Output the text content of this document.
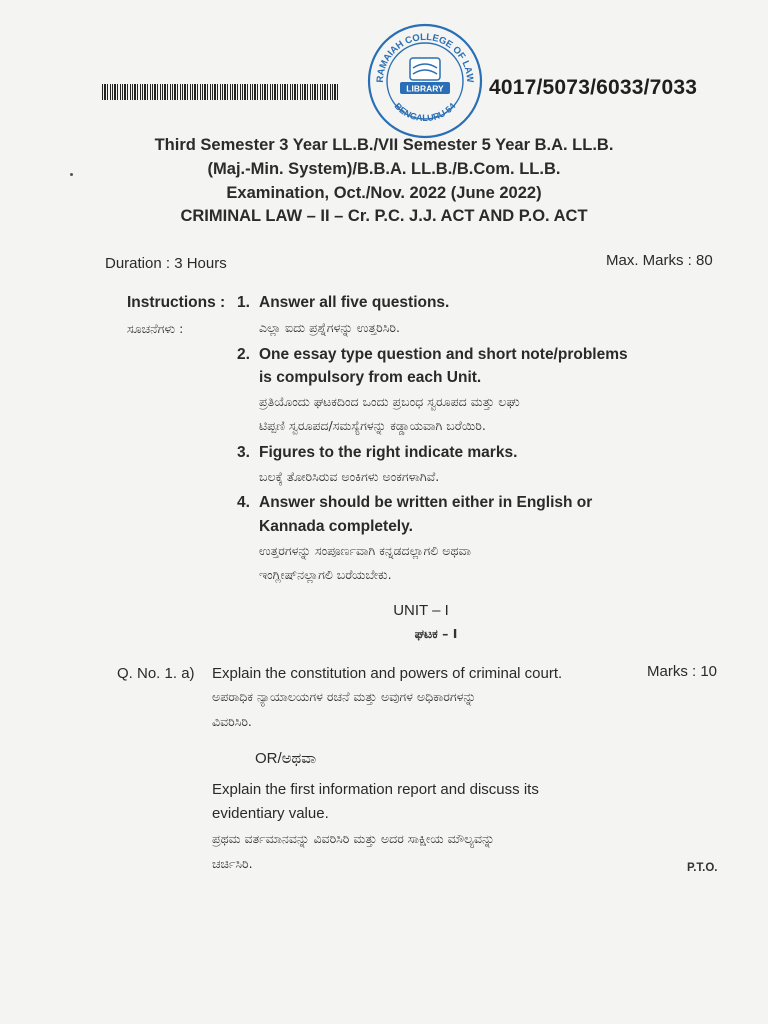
RAMAIAH COLLEGE OF LAW
BENGALURU-54
LIBRARY 4017/5073/6033/7033
Third Semester 3 Year LL.B./VII Semester 5 Year B.A. LL.B.
(Maj.-Min. System)/B.B.A. LL.B./B.Com. LL.B.
Examination, Oct./Nov. 2022 (June 2022)
CRIMINAL LAW – II – Cr. P.C. J.J. ACT AND P.O. ACT
Duration : 3 Hours	Max. Marks : 80
Instructions :
ಸೂಚನೆಗಳು :
1. Answer all five questions.
ಎಲ್ಲಾ ಐದು ಪ್ರಶ್ನೆಗಳನ್ನು ಉತ್ತರಿಸಿರಿ.
2. One essay type question and short note/problems
is compulsory from each Unit.
ಪ್ರತಿಯೊಂದು ಘಟಕದಿಂದ ಒಂದು ಪ್ರಬಂಧ ಸ್ವರೂಪದ ಮತ್ತು ಲಘು
ಟಿಪ್ಪಣಿ ಸ್ವರೂಪದ/ಸಮಸ್ಯೆಗಳನ್ನು ಕಡ್ಡಾಯವಾಗಿ ಬರೆಯಿರಿ.
3. Figures to the right indicate marks.
ಬಲಕ್ಕೆ ತೋರಿಸಿರುವ ಅಂಕಿಗಳು ಅಂಕಗಳಾಗಿವೆ.
4. Answer should be written either in English or
Kannada completely.
ಉತ್ತರಗಳನ್ನು ಸಂಪೂರ್ಣವಾಗಿ ಕನ್ನಡದಲ್ಲಾಗಲಿ ಅಥವಾ
ಇಂಗ್ಲೀಷ್‌ನಲ್ಲಾಗಲಿ ಬರೆಯಬೇಕು.
UNIT – I
ಘಟಕ – I
Q. No. 1. a) Explain the constitution and powers of criminal court.	Marks : 10
ಅಪರಾಧಿಕ ನ್ಯಾಯಾಲಯಗಳ ರಚನೆ ಮತ್ತು ಅವುಗಳ ಅಧಿಕಾರಗಳನ್ನು
ವಿವರಿಸಿರಿ.
OR/ಅಥವಾ
Explain the first information report and discuss its
evidentiary value.
ಪ್ರಥಮ ವರ್ತಮಾನವನ್ನು ವಿವರಿಸಿರಿ ಮತ್ತು ಅದರ ಸಾಕ್ಷೀಯ ಮೌಲ್ಯವನ್ನು
ಚರ್ಚಿಸಿರಿ.	P.T.O.
